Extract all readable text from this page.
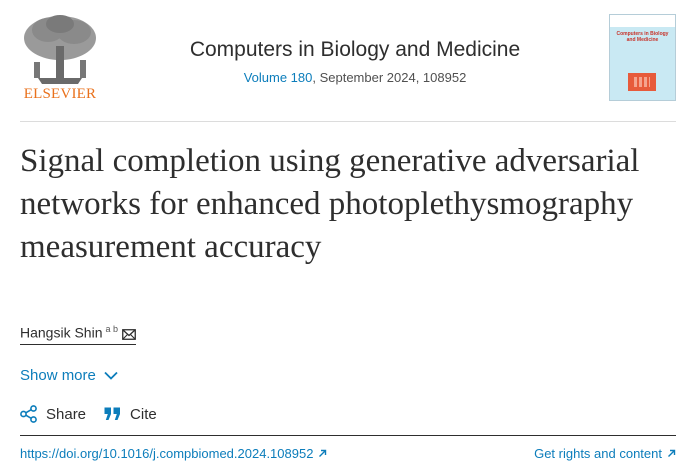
ELSEVIER
Computers in Biology and Medicine
Volume 180, September 2024, 108952
Computers in Biology and Medicine
Signal completion using generative adversarial networks for enhanced photoplethysmography measurement accuracy
Hangsik Shin $^{a b}$
Show more
Share	Cite
https://doi.org/10.1016/j.compbiomed.2024.108952	Get rights and content
